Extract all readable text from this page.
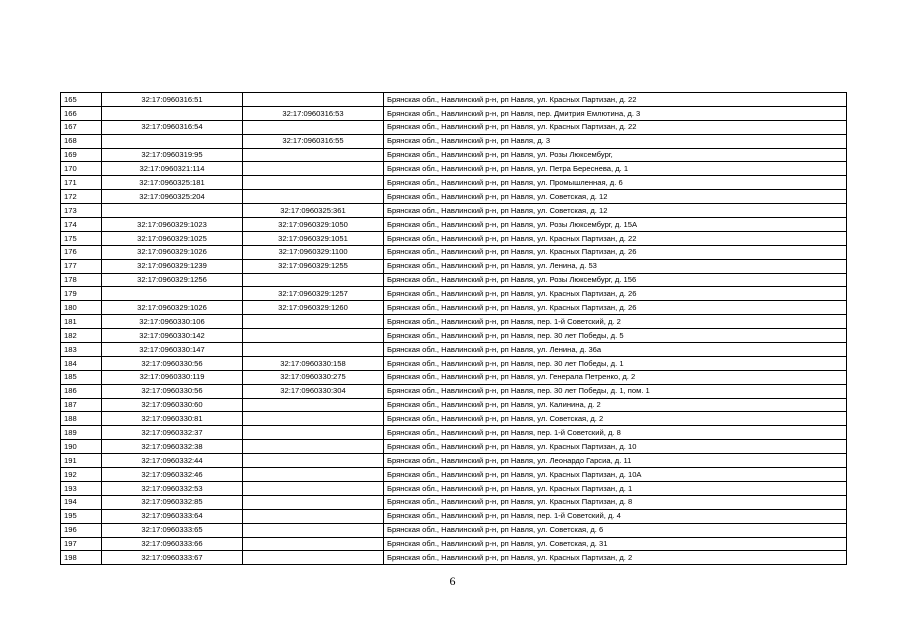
165	32:17:0960316:51		Брянская обл., Навлинский р-н, рп Навля, ул. Красных Партизан, д. 22
166		32:17:0960316:53	Брянская обл., Навлинский р-н, рп Навля, пер. Дмитрия Емлютина, д. 3
167	32:17:0960316:54		Брянская обл., Навлинский р-н, рп Навля, ул. Красных Партизан, д. 22
168		32:17:0960316:55	Брянская обл., Навлинский р-н, рп Навля, д. 3
169	32:17:0960319:95		Брянская обл., Навлинский р-н, рп Навля, ул. Розы Люксембург,
170	32:17:0960321:114		Брянская обл., Навлинский р-н, рп Навля, ул. Петра Береснева, д. 1
171	32:17:0960325:181		Брянская обл., Навлинский р-н, рп Навля, ул. Промышленная, д. 6
172	32:17:0960325:204		Брянская обл., Навлинский р-н, рп Навля, ул. Советская, д. 12
173		32:17:0960325:361	Брянская обл., Навлинский р-н, рп Навля, ул. Советская, д. 12
174	32:17:0960329:1023	32:17:0960329:1050	Брянская обл., Навлинский р-н, рп Навля, ул. Розы Люксембург, д. 15А
175	32:17:0960329:1025	32:17:0960329:1051	Брянская обл., Навлинский р-н, рп Навля, ул. Красных Партизан, д. 22
176	32:17:0960329:1026	32:17:0960329:1100	Брянская обл., Навлинский р-н, рп Навля, ул. Красных Партизан, д. 26
177	32:17:0960329:1239	32:17:0960329:1255	Брянская обл., Навлинский р-н, рп Навля, ул. Ленина, д. 53
178	32:17:0960329:1256		Брянская обл., Навлинский р-н, рп Навля, ул. Розы Люксембург, д. 156
179		32:17:0960329:1257	Брянская обл., Навлинский р-н, рп Навля, ул. Красных Партизан, д. 26
180	32:17:0960329:1026	32:17:0960329:1260	Брянская обл., Навлинский р-н, рп Навля, ул. Красных Партизан, д. 26
181	32:17:0960330:106		Брянская обл., Навлинский р-н, рп Навля, пер. 1-й Советский, д. 2
182	32:17:0960330:142		Брянская обл., Навлинский р-н, рп Навля, пер. 30 лет Победы, д. 5
183	32:17:0960330:147		Брянская обл., Навлинский р-н, рп Навля, ул. Ленина, д. 36а
184	32:17:0960330:56	32:17:0960330:158	Брянская обл., Навлинский р-н, рп Навля, пер. 30 лет Победы, д. 1
185	32:17:0960330:119	32:17:0960330:275	Брянская обл., Навлинский р-н, рп Навля, ул. Генерала Петренко, д. 2
186	32:17:0960330:56	32:17:0960330:304	Брянская обл., Навлинский р-н, рп Навля, пер. 30 лет Победы, д. 1, пом. 1
187	32:17:0960330:60		Брянская обл., Навлинский р-н, рп Навля, ул. Калинина, д. 2
188	32:17:0960330:81		Брянская обл., Навлинский р-н, рп Навля, ул. Советская, д. 2
189	32:17:0960332:37		Брянская обл., Навлинский р-н, рп Навля, пер. 1-й Советский, д. 8
190	32:17:0960332:38		Брянская обл., Навлинский р-н, рп Навля, ул. Красных Партизан, д. 10
191	32:17:0960332:44		Брянская обл., Навлинский р-н, рп Навля, ул. Леонардо Гарсиа, д. 11
192	32:17:0960332:46		Брянская обл., Навлинский р-н, рп Навля, ул. Красных Партизан, д. 10А
193	32:17:0960332:53		Брянская обл., Навлинский р-н, рп Навля, ул. Красных Партизан, д. 1
194	32:17:0960332:85		Брянская обл., Навлинский р-н, рп Навля, ул. Красных Партизан, д. 8
195	32:17:0960333:64		Брянская обл., Навлинский р-н, рп Навля, пер. 1-й Советский, д. 4
196	32:17:0960333:65		Брянская обл., Навлинский р-н, рп Навля, ул. Советская, д. 6
197	32:17:0960333:66		Брянская обл., Навлинский р-н, рп Навля, ул. Советская, д. 31
198	32:17:0960333:67		Брянская обл., Навлинский р-н, рп Навля, ул. Красных Партизан, д. 2
6
